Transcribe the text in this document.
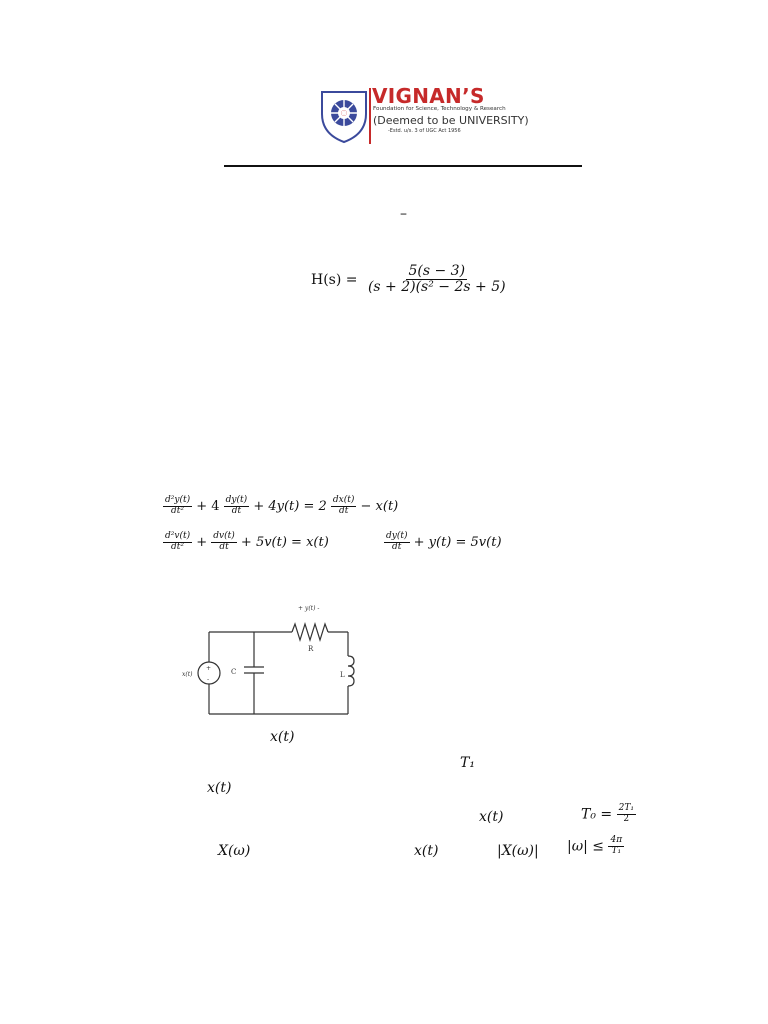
VIGNAN’S
Foundation for Science, Technology & Research
(Deemed to be UNIVERSITY)
-Estd. u/s. 3 of UGC Act 1956
–
$H(s) = \frac{5(s - 3)}{\text{(s + 2)(s² − 2s + 5)}}$
$\frac{\text{d²y(t)}}{\text{dt²}} + 4 \frac{dy(t)}{dt} + 4y(t) = 2 \frac{dx(t)}{dt} - x(t)$
$\frac{\text{d²v(t)}}{\text{dt²}} + \frac{dv(t)}{dt} + 5v(t) = x(t)$	$\frac{dy(t)}{dt} + y(t) = 5v(t)$
+ y(t) -
+
-
x(t)	C
R
L
x(t)
T₁
x(t)
x(t)	$T_0 = \frac{\text{2T₁}}{2}$
X(ω)	x(t)	|X(ω)| $|\omega| \le \frac{4\pi}{\text{T₁}}$
